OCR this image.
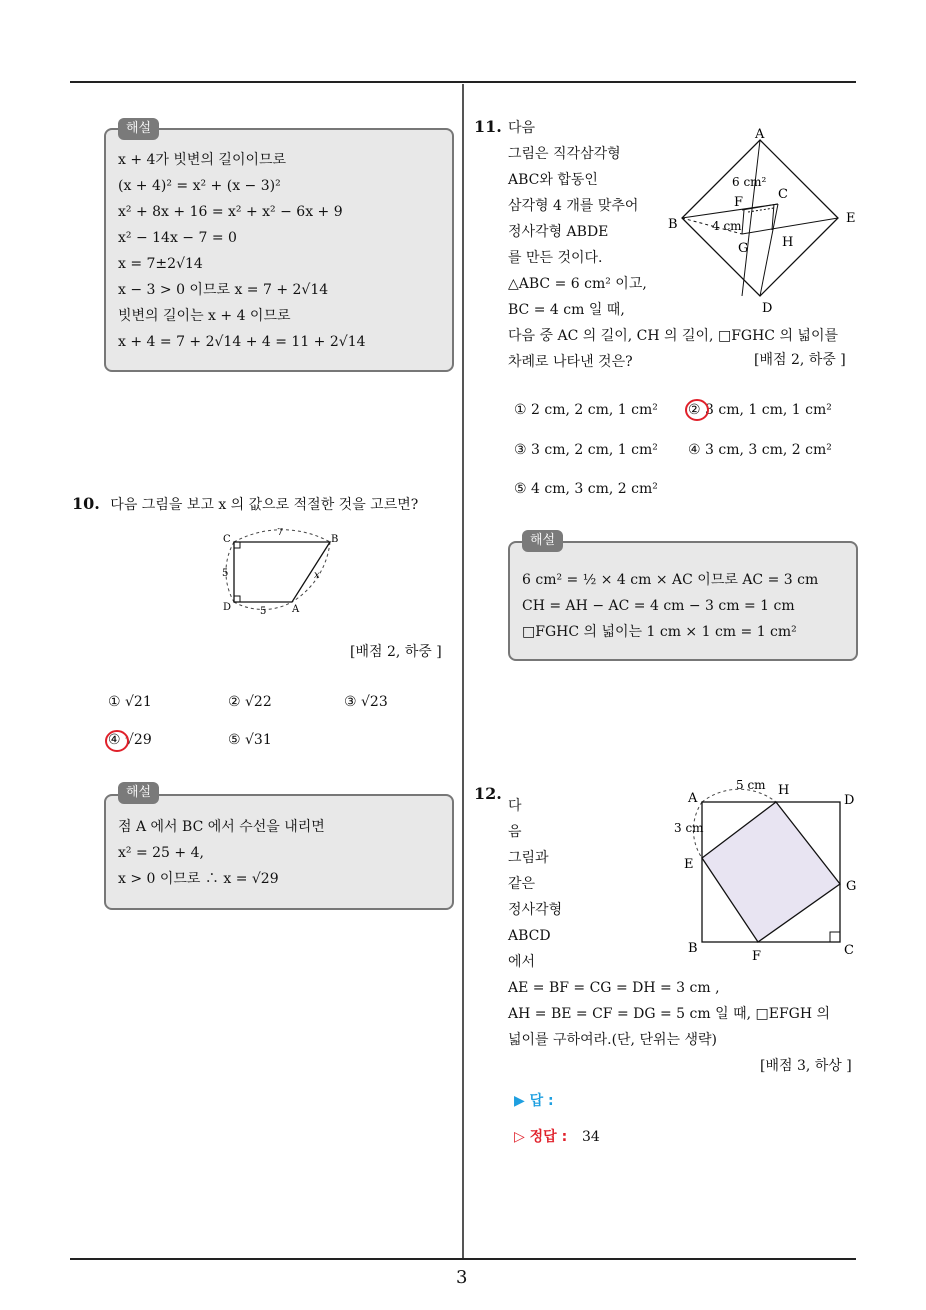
3
해설
x + 4가 빗변의 길이이므로
(x + 4)² = x² + (x − 3)²
x² + 8x + 16 = x² + x² − 6x + 9
x² − 14x − 7 = 0
x = 7±2√14
x − 3 > 0 이므로 x = 7 + 2√14
빗변의 길이는 x + 4 이므로
x + 4 = 7 + 2√14 + 4 = 11 + 2√14
10. 다음 그림을 보고 x 의 값으로 적절한 것을 고르면?
C	B
D	A
7
5
5
x
[배점 2, 하중 ]
① √21	② √22	③ √23
④ √29	⑤ √31
해설
점 A 에서 BC 에서 수선을 내리면
x² = 25 + 4,
x > 0 이므로 ∴ x = √29
11. 다음
그림은 직각삼각형
ABC와 합동인
삼각형 4 개를 맞추어
정사각형 ABDE
를 만든 것이다.
△ABC = 6 cm² 이고,
BC = 4 cm 일 때,
다음 중 AC 의 길이, CH 의 길이, □FGHC 의 넓이를
차례로 나타낸 것은?	[배점 2, 하중 ]
A
B
D
E
F
C
G	H
6 cm²
4 cm
① 2 cm, 2 cm, 1 cm² ② 3 cm, 1 cm, 1 cm²
③ 3 cm, 2 cm, 1 cm² ④ 3 cm, 3 cm, 2 cm²
⑤ 4 cm, 3 cm, 2 cm²
해설
6 cm² = ½ × 4 cm × AC 이므로 AC = 3 cm
CH = AH − AC = 4 cm − 3 cm = 1 cm
□FGHC 의 넓이는 1 cm × 1 cm = 1 cm²
12.
다
음
그림과
같은
정사각형
ABCD
에서
AE = BF = CG = DH = 3 cm ,
AH = BE = CF = DG = 5 cm 일 때, □EFGH 의
넓이를 구하여라.(단, 단위는 생략)
[배점 3, 하상 ]
A
H
D
E
G
B
F	C
5 cm
3 cm
▶ 답 :
▷ 정답 : 34
